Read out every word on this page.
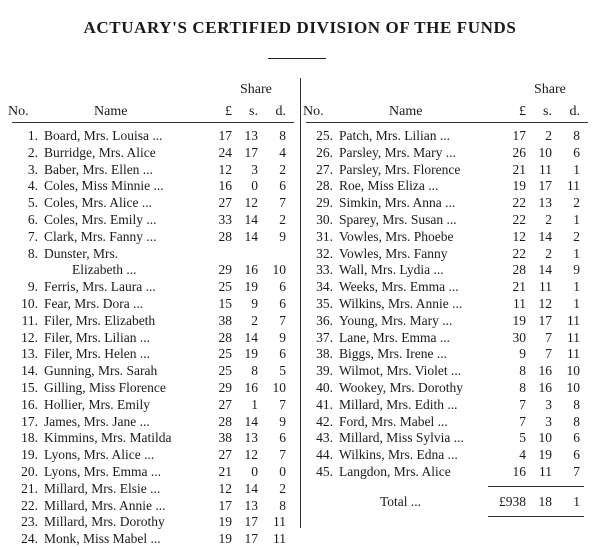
ACTUARY'S CERTIFIED DIVISION OF THE FUNDS
Share
No.	Name	£	s.	d.
1. Board, Mrs. Louisa ...	17 13	8
2. Burridge, Mrs. Alice	24 17	4
3. Baber, Mrs. Ellen ...	12	3	2
4. Coles, Miss Minnie ...	16	0	6
5. Coles, Mrs. Alice ...	27 12	7
6. Coles, Mrs. Emily ...	33 14	2
7. Clark, Mrs. Fanny ...	28 14	9
8. Dunster, Mrs.
Elizabeth ...	29 16	10
9. Ferris, Mrs. Laura ...	25 19	6
10. Fear, Mrs. Dora ...	15	9	6
11. Filer, Mrs. Elizabeth	38	2	7
12. Filer, Mrs. Lilian ...	28 14	9
13. Filer, Mrs. Helen ...	25 19	6
14. Gunning, Mrs. Sarah	25	8	5
15. Gilling, Miss Florence	29 16	10
16. Hollier, Mrs. Emily	27	1	7
17. James, Mrs. Jane ...	28 14	9
18. Kimmins, Mrs. Matilda	38 13	6
19. Lyons, Mrs. Alice ...	27 12	7
20. Lyons, Mrs. Emma ...	21	0	0
21. Millard, Mrs. Elsie ...	12 14	2
22. Millard, Mrs. Annie ...	17 13	8
23. Millard, Mrs. Dorothy	19 17	11
24. Monk, Miss Mabel ...	19 17	11
Share
No.	Name	£	s.	d.
25. Patch, Mrs. Lilian ...	17	2	8
26. Parsley, Mrs. Mary ...	26 10	6
27. Parsley, Mrs. Florence	21 11	1
28. Roe, Miss Eliza ...	19 17	11
29. Simkin, Mrs. Anna ...	22 13	2
30. Sparey, Mrs. Susan ...	22	2	1
31. Vowles, Mrs. Phoebe	12 14	2
32. Vowles, Mrs. Fanny	22	2	1
33. Wall, Mrs. Lydia ...	28 14	9
34. Weeks, Mrs. Emma ...	21 11	1
35. Wilkins, Mrs. Annie ...	11 12	1
36. Young, Mrs. Mary ...	19 17	11
37. Lane, Mrs. Emma ...	30	7	11
38. Biggs, Mrs. Irene ...	9	7	11
39. Wilmot, Mrs. Violet ...	8 16	10
40. Wookey, Mrs. Dorothy	8 16	10
41. Millard, Mrs. Edith ...	7	3	8
42. Ford, Mrs. Mabel ...	7	3	8
43. Millard, Miss Sylvia ...	5 10	6
44. Wilkins, Mrs. Edna ...	4 19	6
45. Langdon, Mrs. Alice	16 11	7
Total ...	£938 18	1
